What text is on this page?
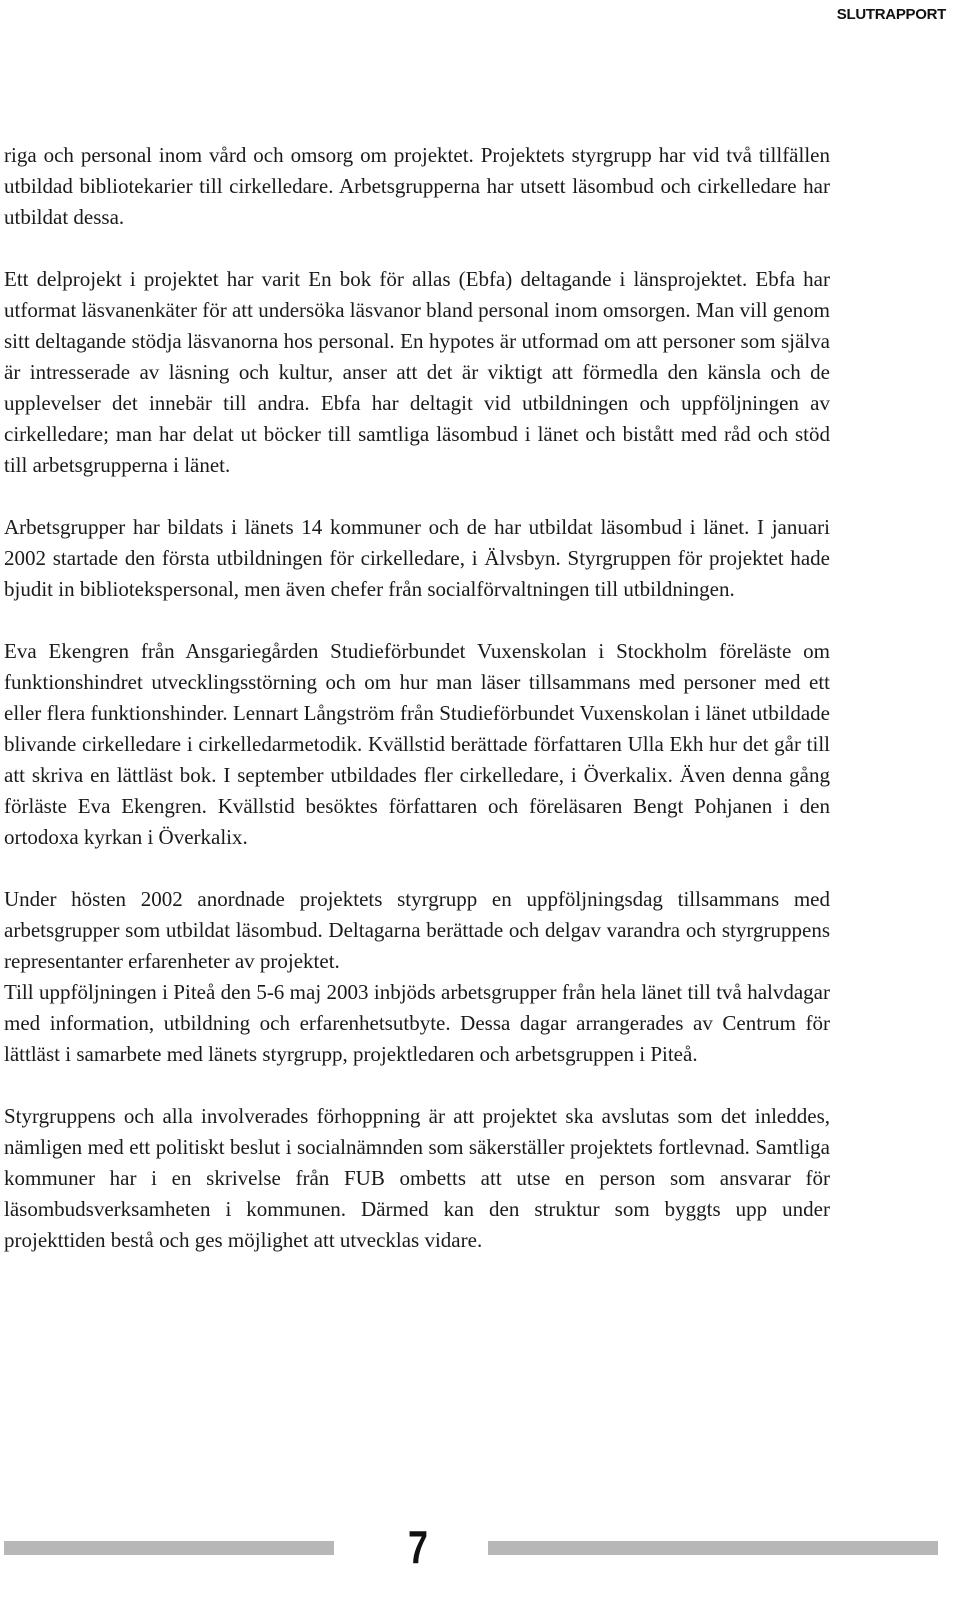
SLUTRAPPORT

riga och personal inom vård och omsorg om projektet. Projektets styrgrupp har vid två tillfällen utbildad bibliotekarier till cirkelledare. Arbetsgrupperna har utsett läsombud och cirkelledare har utbildat dessa.

Ett delprojekt i projektet har varit En bok för allas (Ebfa) deltagande i länsprojektet. Ebfa har utformat läsvanenkäter för att undersöka läsvanor bland personal inom omsorgen. Man vill genom sitt deltagande stödja läsvanorna hos personal. En hypotes är utformad om att personer som själva är intresserade av läsning och kultur, anser att det är viktigt att förmedla den känsla och de upplevelser det innebär till andra. Ebfa har deltagit vid utbildningen och uppföljningen av cirkelledare; man har delat ut böcker till samtliga läsombud i länet och bistått med råd och stöd till arbetsgrupperna i länet.

Arbetsgrupper har bildats i länets 14 kommuner och de har utbildat läsombud i länet. I januari 2002 startade den första utbildningen för cirkelledare, i Älvsbyn. Styrgruppen för projektet hade bjudit in bibliotekspersonal, men även chefer från socialförvaltningen till utbildningen.

Eva Ekengren från Ansgariegården Studieförbundet Vuxenskolan i Stockholm föreläste om funktionshindret utvecklingsstörning och om hur man läser tillsammans med personer med ett eller flera funktionshinder. Lennart Långström från Studieförbundet Vuxenskolan i länet utbildade blivande cirkelledare i cirkelledarmetodik. Kvällstid berättade författaren Ulla Ekh hur det går till att skriva en lättläst bok. I september utbildades fler cirkelledare, i Överkalix. Även denna gång förläste Eva Ekengren. Kvällstid besöktes författaren och föreläsaren Bengt Pohjanen i den ortodoxa kyrkan i Överkalix.

Under hösten 2002 anordnade projektets styrgrupp en uppföljningsdag tillsammans med arbetsgrupper som utbildat läsombud. Deltagarna berättade och delgav varandra och styrgruppens representanter erfarenheter av projektet.

Till uppföljningen i Piteå den 5-6 maj 2003 inbjöds arbetsgrupper från hela länet till två halvdagar med information, utbildning och erfarenhetsutbyte. Dessa dagar arrangerades av Centrum för lättläst i samarbete med länets styrgrupp, projektledaren och arbetsgruppen i Piteå.

Styrgruppens och alla involverades förhoppning är att projektet ska avslutas som det inleddes, nämligen med ett politiskt beslut i socialnämnden som säkerställer projektets fortlevnad. Samtliga kommuner har i en skrivelse från FUB ombetts att utse en person som ansvarar för läsombudsverksamheten i kommunen. Därmed kan den struktur som byggts upp under projekttiden bestå och ges möjlighet att utvecklas vidare.

7
